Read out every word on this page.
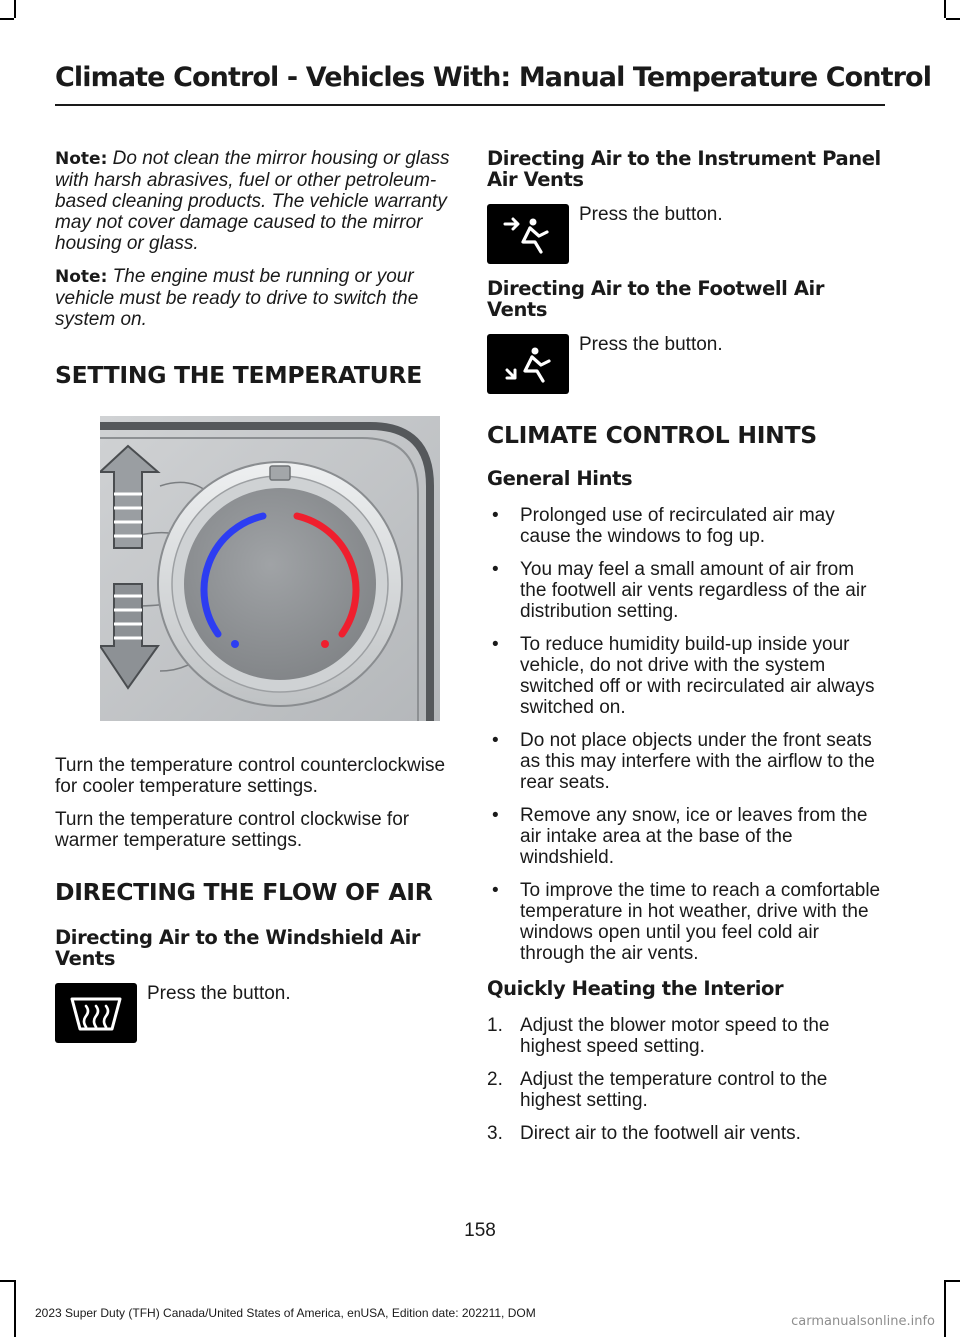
Climate Control - Vehicles With: Manual Temperature Control

Note: Do not clean the mirror housing or glass with harsh abrasives, fuel or other petroleum-based cleaning products. The vehicle warranty may not cover damage caused to the mirror housing or glass.

Note: The engine must be running or your vehicle must be ready to drive to switch the system on.

SETTING THE TEMPERATURE

Turn the temperature control counterclockwise for cooler temperature settings.

Turn the temperature control clockwise for warmer temperature settings.

DIRECTING THE FLOW OF AIR
Directing Air to the Windshield Air Vents

Press the button.

Directing Air to the Instrument Panel Air Vents

Press the button.

Directing Air to the Footwell Air Vents

Press the button.

CLIMATE CONTROL HINTS
General Hints
• Prolonged use of recirculated air may cause the windows to fog up.
• You may feel a small amount of air from the footwell air vents regardless of the air distribution setting.
• To reduce humidity build-up inside your vehicle, do not drive with the system switched off or with recirculated air always switched on.
• Do not place objects under the front seats as this may interfere with the airflow to the rear seats.
• Remove any snow, ice or leaves from the air intake area at the base of the windshield.
• To improve the time to reach a comfortable temperature in hot weather, drive with the windows open until you feel cold air through the air vents.
Quickly Heating the Interior
1. Adjust the blower motor speed to the highest speed setting.
2. Adjust the temperature control to the highest setting.
3. Direct air to the footwell air vents.
158
2023 Super Duty (TFH) Canada/United States of America, enUSA, Edition date: 202211, DOM
carmanualsonline.info
